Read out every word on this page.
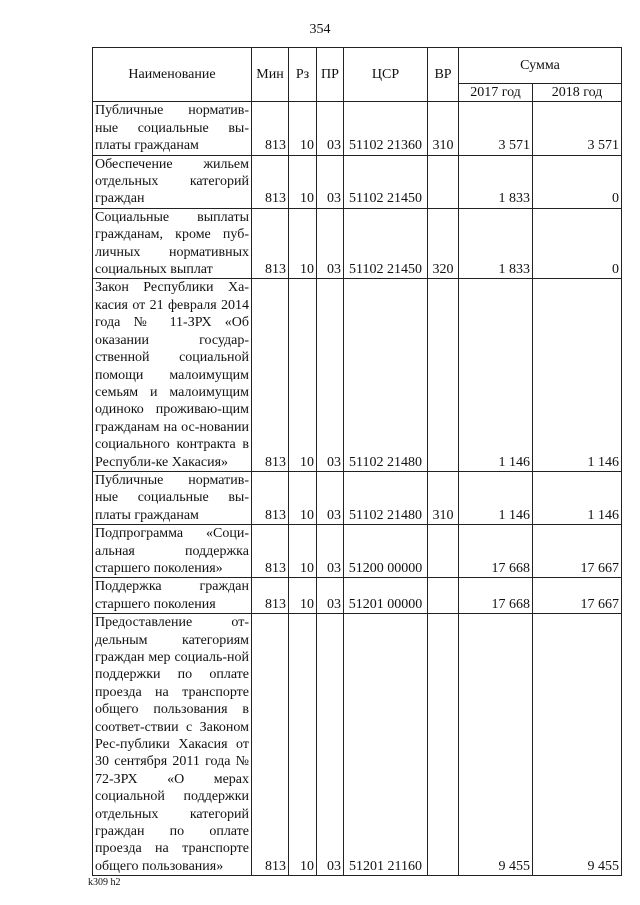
354
Наименование	Мин	Рз	ПР	ЦСР	ВР	Сумма	
						2017 год	2018 год
Публичные норматив-ные социальные вы-платы гражданам	813	10	03	51102 21360	310	3 571	3 571
Обеспечение жильем отдельных категорий граждан	813	10	03	51102 21450		1 833	0
Социальные выплаты гражданам, кроме пуб-личных нормативных социальных выплат	813	10	03	51102 21450	320	1 833	0
Закон Республики Ха-касия от 21 февраля 2014 года № 11-ЗРХ «Об оказании государ-ственной социальной помощи малоимущим семьям и малоимущим одиноко проживаю-щим гражданам на ос-новании социального контракта в Республи-ке Хакасия»	813	10	03	51102 21480		1 146	1 146
Публичные норматив-ные социальные вы-платы гражданам	813	10	03	51102 21480	310	1 146	1 146
Подпрограмма «Соци-альная поддержка старшего поколения»	813	10	03	51200 00000		17 668	17 667
Поддержка граждан старшего поколения	813	10	03	51201 00000		17 668	17 667
Предоставление от-дельным категориям граждан мер социаль-ной поддержки по оплате проезда на транспорте общего пользования в соответ-ствии с Законом Рес-публики Хакасия от 30 сентября 2011 года № 72-ЗРХ «О мерах социальной поддержки отдельных категорий граждан по оплате проезда на транспорте общего пользования»	813	10	03	51201 21160		9 455	9 455
k309 h2
